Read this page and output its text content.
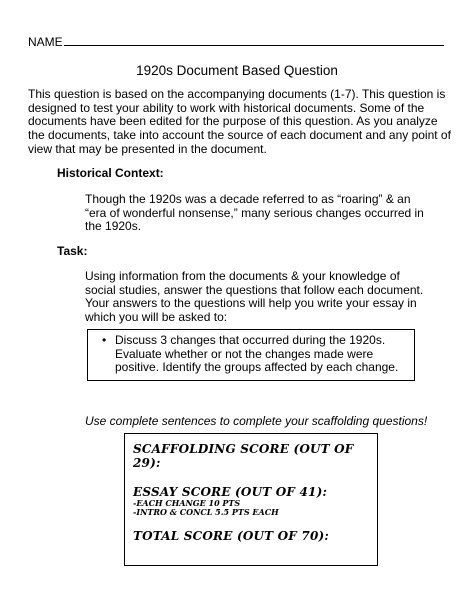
NAME
1920s Document Based Question
This question is based on the accompanying documents (1-7). This question is designed to test your ability to work with historical documents. Some of the documents have been edited for the purpose of this question. As you analyze the documents, take into account the source of each document and any point of view that may be presented in the document.
Historical Context:
Though the 1920s was a decade referred to as “roaring” & an “era of wonderful nonsense,” many serious changes occurred in the 1920s.
Task:
Using information from the documents & your knowledge of social studies, answer the questions that follow each document. Your answers to the questions will help you write your essay in which you will be asked to:
• Discuss 3 changes that occurred during the 1920s. Evaluate whether or not the changes made were positive. Identify the groups affected by each change.
Use complete sentences to complete your scaffolding questions!
SCAFFOLDING SCORE (OUT OF 29):
ESSAY SCORE (OUT OF 41):
-EACH CHANGE 10 PTS
-INTRO & CONCL 5.5 PTS EACH
TOTAL SCORE (OUT OF 70):
